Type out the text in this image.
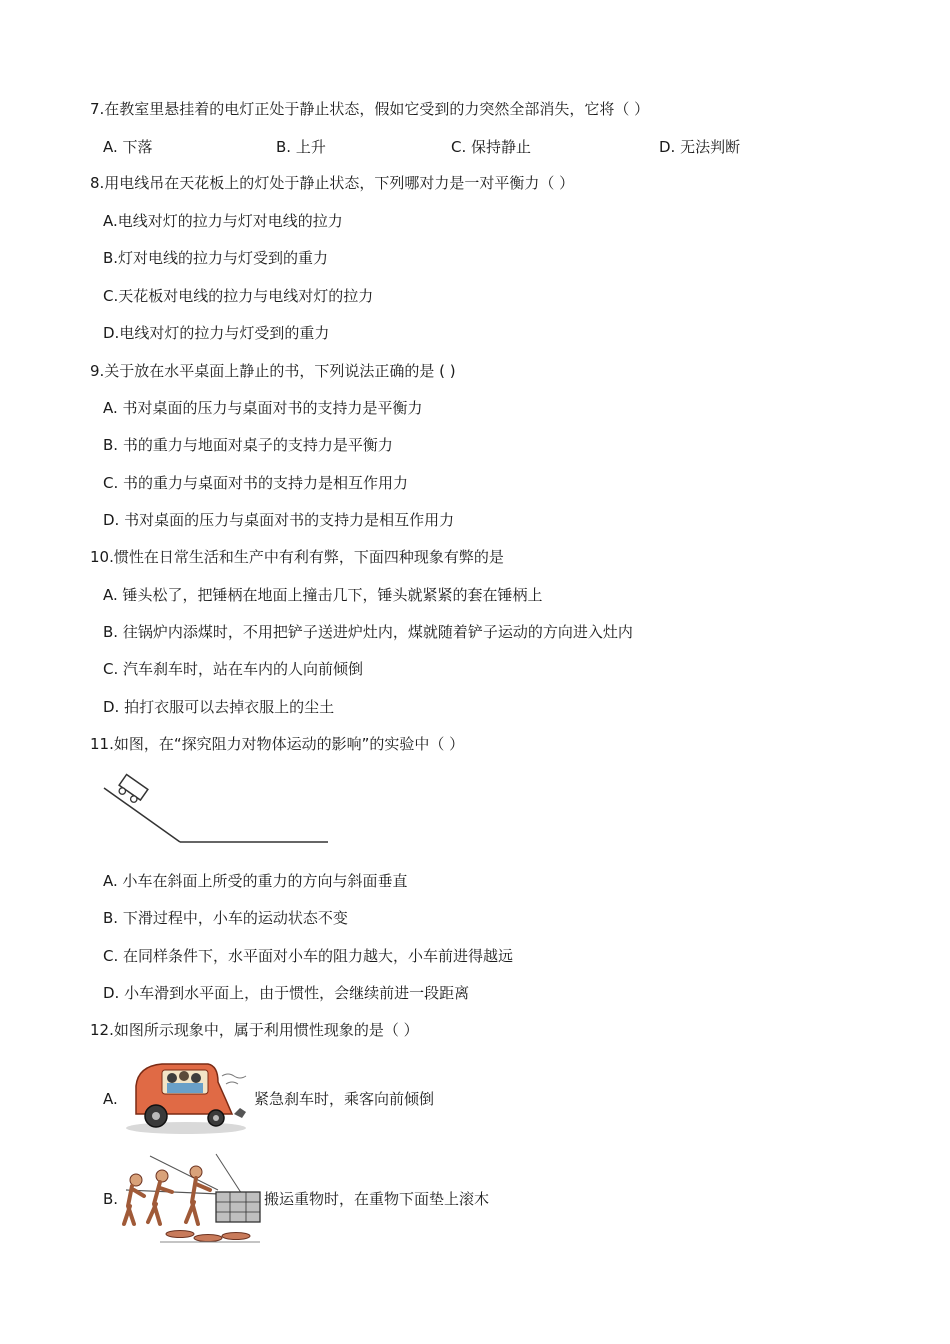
7.在教室里悬挂着的电灯正处于静止状态，假如它受到的力突然全部消失，它将（ ）
A. 下落	B. 上升	C. 保持静止	D. 无法判断
8.用电线吊在天花板上的灯处于静止状态，下列哪对力是一对平衡力（ ）
A.电线对灯的拉力与灯对电线的拉力
B.灯对电线的拉力与灯受到的重力
C.天花板对电线的拉力与电线对灯的拉力
D.电线对灯的拉力与灯受到的重力
9.关于放在水平桌面上静止的书，下列说法正确的是 ( )
A. 书对桌面的压力与桌面对书的支持力是平衡力
B. 书的重力与地面对桌子的支持力是平衡力
C. 书的重力与桌面对书的支持力是相互作用力
D. 书对桌面的压力与桌面对书的支持力是相互作用力
10.惯性在日常生活和生产中有利有弊，下面四种现象有弊的是
A. 锤头松了，把锤柄在地面上撞击几下，锤头就紧紧的套在锤柄上
B. 往锅炉内添煤时，不用把铲子送进炉灶内，煤就随着铲子运动的方向进入灶内
C. 汽车刹车时，站在车内的人向前倾倒
D. 拍打衣服可以去掉衣服上的尘土
11.如图，在“探究阻力对物体运动的影响”的实验中（ ）
A. 小车在斜面上所受的重力的方向与斜面垂直
B. 下滑过程中，小车的运动状态不变
C. 在同样条件下，水平面对小车的阻力越大，小车前进得越远
D. 小车滑到水平面上，由于惯性，会继续前进一段距离
12.如图所示现象中，属于利用惯性现象的是（ ）
A.	紧急刹车时，乘客向前倾倒
B.	搬运重物时，在重物下面垫上滚木
